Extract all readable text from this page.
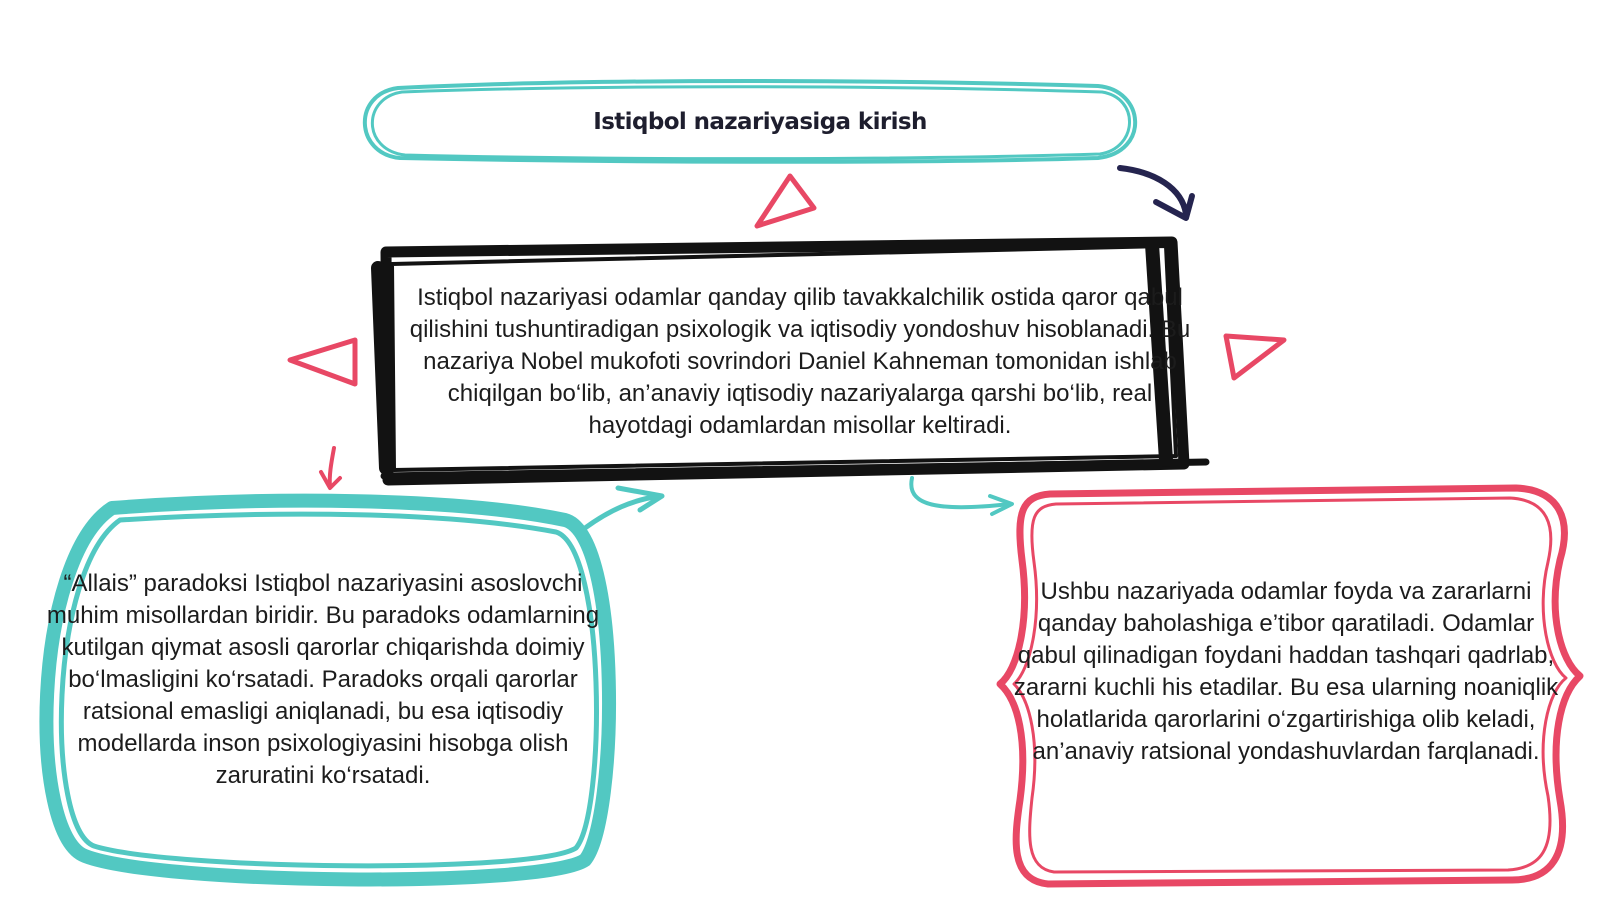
Istiqbol nazariyasiga kirish
Istiqbol nazariyasi odamlar qanday qilib tavakkalchilik ostida qaror qabul qilishini tushuntiradigan psixologik va iqtisodiy yondoshuv hisoblanadi. Bu nazariya Nobel mukofoti sovrindori Daniel Kahneman tomonidan ishlab chiqilgan bo‘lib, an’anaviy iqtisodiy nazariyalarga qarshi bo‘lib, real hayotdagi odamlardan misollar keltiradi.
“Allais” paradoksi Istiqbol nazariyasini asoslovchi muhim misollardan biridir. Bu paradoks odamlarning kutilgan qiymat asosli qarorlar chiqarishda doimiy bo‘lmasligini ko‘rsatadi. Paradoks orqali qarorlar ratsional emasligi aniqlanadi, bu esa iqtisodiy modellarda inson psixologiyasini hisobga olish zaruratini ko‘rsatadi.
Ushbu nazariyada odamlar foyda va zararlarni qanday baholashiga e’tibor qaratiladi. Odamlar qabul qilinadigan foydani haddan tashqari qadrlab, zararni kuchli his etadilar. Bu esa ularning noaniqlik holatlarida qarorlarini o‘zgartirishiga olib keladi, an’anaviy ratsional yondashuvlardan farqlanadi.
